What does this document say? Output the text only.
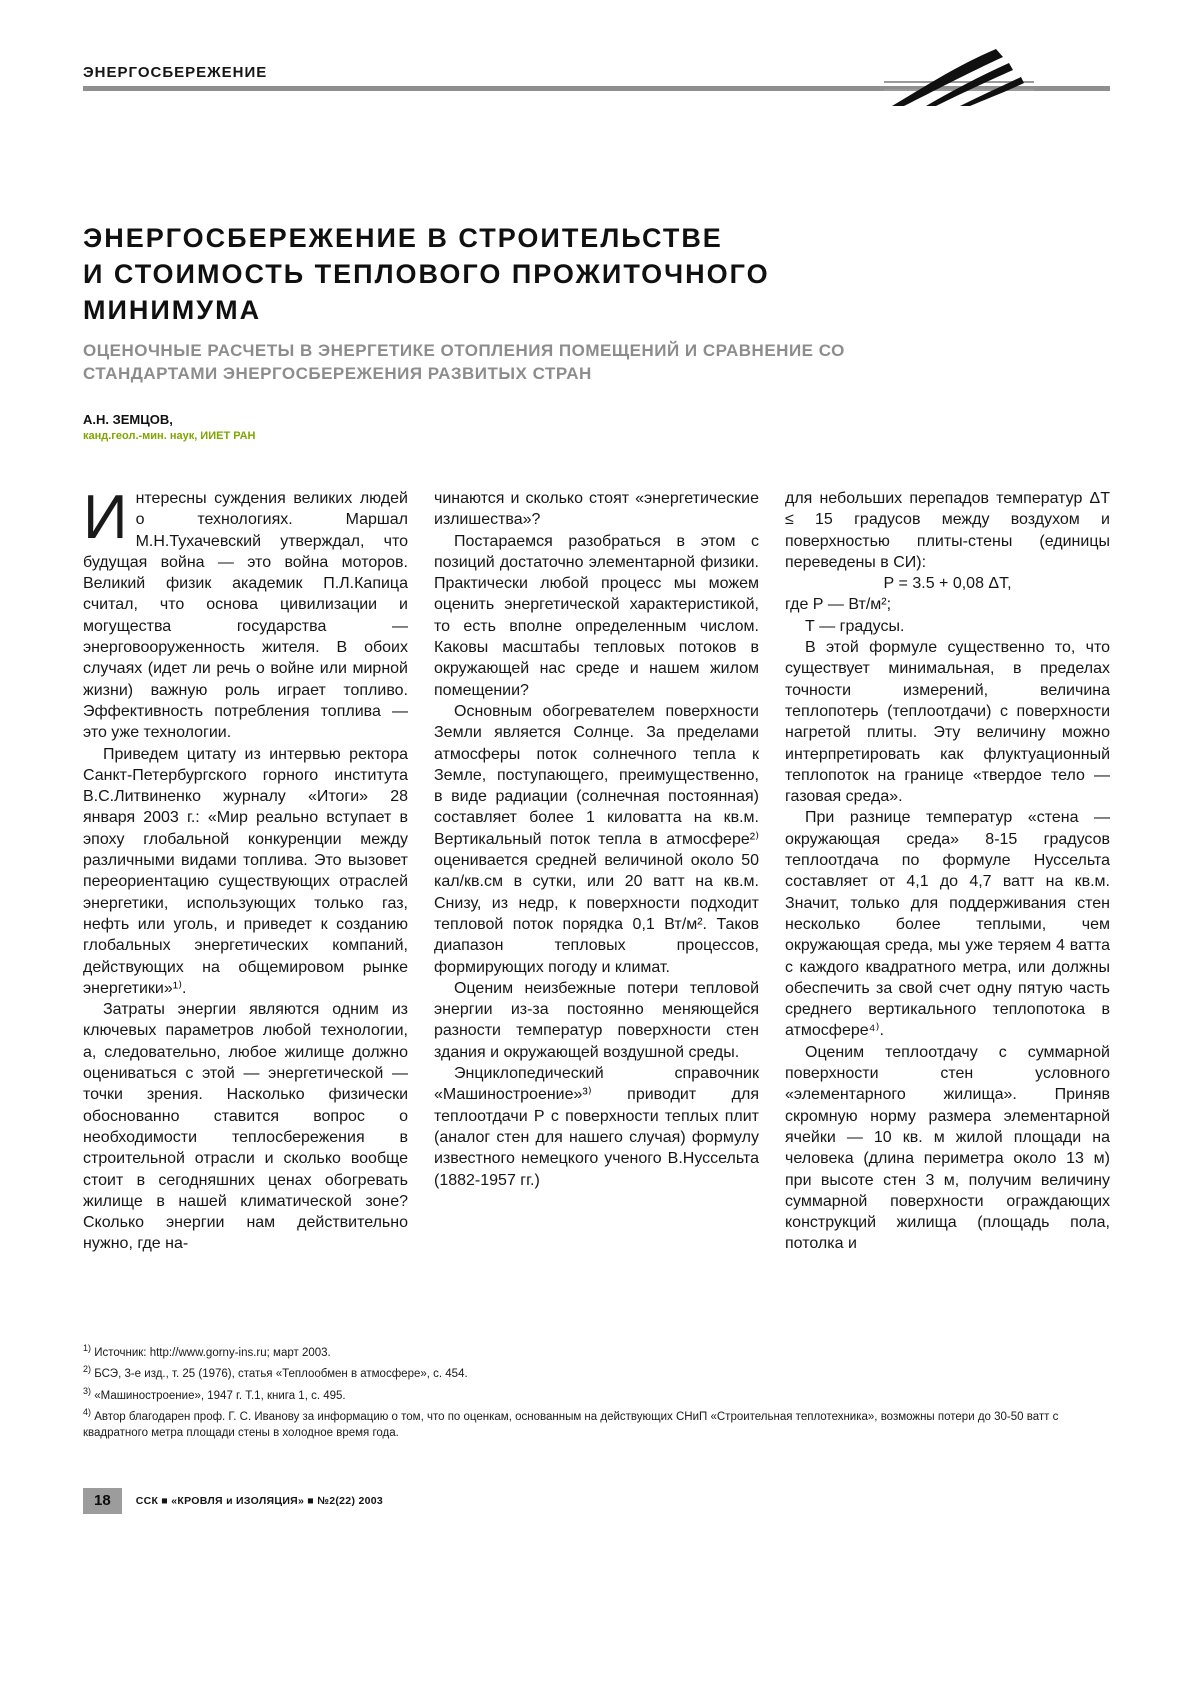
ЭНЕРГОСБЕРЕЖЕНИЕ
ЭНЕРГОСБЕРЕЖЕНИЕ В СТРОИТЕЛЬСТВЕ
И СТОИМОСТЬ ТЕПЛОВОГО ПРОЖИТОЧНОГО
МИНИМУМА
ОЦЕНОЧНЫЕ РАСЧЕТЫ В ЭНЕРГЕТИКЕ ОТОПЛЕНИЯ ПОМЕЩЕНИЙ И СРАВНЕНИЕ СО
СТАНДАРТАМИ ЭНЕРГОСБЕРЕЖЕНИЯ РАЗВИТЫХ СТРАН
А.Н. ЗЕМЦОВ,
канд.геол.-мин. наук, ИИЕТ РАН

Интересны суждения великих людей о технологиях. Маршал М.Н.Тухачевский утверждал, что будущая война — это война моторов. Великий физик академик П.Л.Капица считал, что основа цивилизации и могущества государства — энерговооруженность жителя. В обоих случаях (идет ли речь о войне или мирной жизни) важную роль играет топливо. Эффективность потребления топлива — это уже технологии.

Приведем цитату из интервью ректора Санкт-Петербургского горного института В.С.Литвиненко журналу «Итоги» 28 января 2003 г.: «Мир реально вступает в эпоху глобальной конкуренции между различными видами топлива. Это вызовет переориентацию существующих отраслей энергетики, использующих только газ, нефть или уголь, и приведет к созданию глобальных энергетических компаний, действующих на общемировом рынке энергетики»¹⁾.

Затраты энергии являются одним из ключевых параметров любой технологии, а, следовательно, любое жилище должно оцениваться с этой — энергетической — точки зрения. Насколько физически обоснованно ставится вопрос о необходимости теплосбережения в строительной отрасли и сколько вообще стоит в сегодняшних ценах обогревать жилище в нашей климатической зоне? Сколько энергии нам действительно нужно, где на-

чинаются и сколько стоят «энергетические излишества»?

Постараемся разобраться в этом с позиций достаточно элементарной физики. Практически любой процесс мы можем оценить энергетической характеристикой, то есть вполне определенным числом. Каковы масштабы тепловых потоков в окружающей нас среде и нашем жилом помещении?

Основным обогревателем поверхности Земли является Солнце. За пределами атмосферы поток солнечного тепла к Земле, поступающего, преимущественно, в виде радиации (солнечная постоянная) составляет более 1 киловатта на кв.м. Вертикальный поток тепла в атмосфере²⁾ оценивается средней величиной около 50 кал/кв.см в сутки, или 20 ватт на кв.м. Снизу, из недр, к поверхности подходит тепловой поток порядка 0,1 Вт/м². Таков диапазон тепловых процессов, формирующих погоду и климат.

Оценим неизбежные потери тепловой энергии из-за постоянно меняющейся разности температур поверхности стен здания и окружающей воздушной среды.

Энциклопедический справочник «Машиностроение»³⁾ приводит для теплоотдачи Р с поверхности теплых плит (аналог стен для нашего случая) формулу известного немецкого ученого В.Нуссельта (1882-1957 гг.)

для небольших перепадов температур ΔT ≤ 15 градусов между воздухом и поверхностью плиты-стены (единицы переведены в СИ):

Р = 3.5 + 0,08 ΔT,

где Р — Вт/м²;

Т — градусы.

В этой формуле существенно то, что существует минимальная, в пределах точности измерений, величина теплопотерь (теплоотдачи) с поверхности нагретой плиты. Эту величину можно интерпретировать как флуктуационный теплопоток на границе «твердое тело — газовая среда».

При разнице температур «стена — окружающая среда» 8-15 градусов теплоотдача по формуле Нуссельта составляет от 4,1 до 4,7 ватт на кв.м. Значит, только для поддерживания стен несколько более теплыми, чем окружающая среда, мы уже теряем 4 ватта с каждого квадратного метра, или должны обеспечить за свой счет одну пятую часть среднего вертикального теплопотока в атмосфере⁴⁾.

Оценим теплоотдачу с суммарной поверхности стен условного «элементарного жилища». Приняв скромную норму размера элементарной ячейки — 10 кв. м жилой площади на человека (длина периметра около 13 м) при высоте стен 3 м, получим величину суммарной поверхности ограждающих конструкций жилища (площадь пола, потолка и

$^{1)}$ Источник: http://www.gorny-ins.ru; март 2003.

$^{2)}$ БСЭ, 3-е изд., т. 25 (1976), статья «Теплообмен в атмосфере», с. 454.

$^{3)}$ «Машиностроение», 1947 г. Т.1, книга 1, с. 495.

$^{4)}$ Автор благодарен проф. Г. С. Иванову за информацию о том, что по оценкам, основанным на действующих СНиП «Строительная теплотехника», возможны потери до 30-50 ватт с квадратного метра площади стены в холодное время года.

18	ССК ■ «КРОВЛЯ и ИЗОЛЯЦИЯ» ■ №2(22) 2003
